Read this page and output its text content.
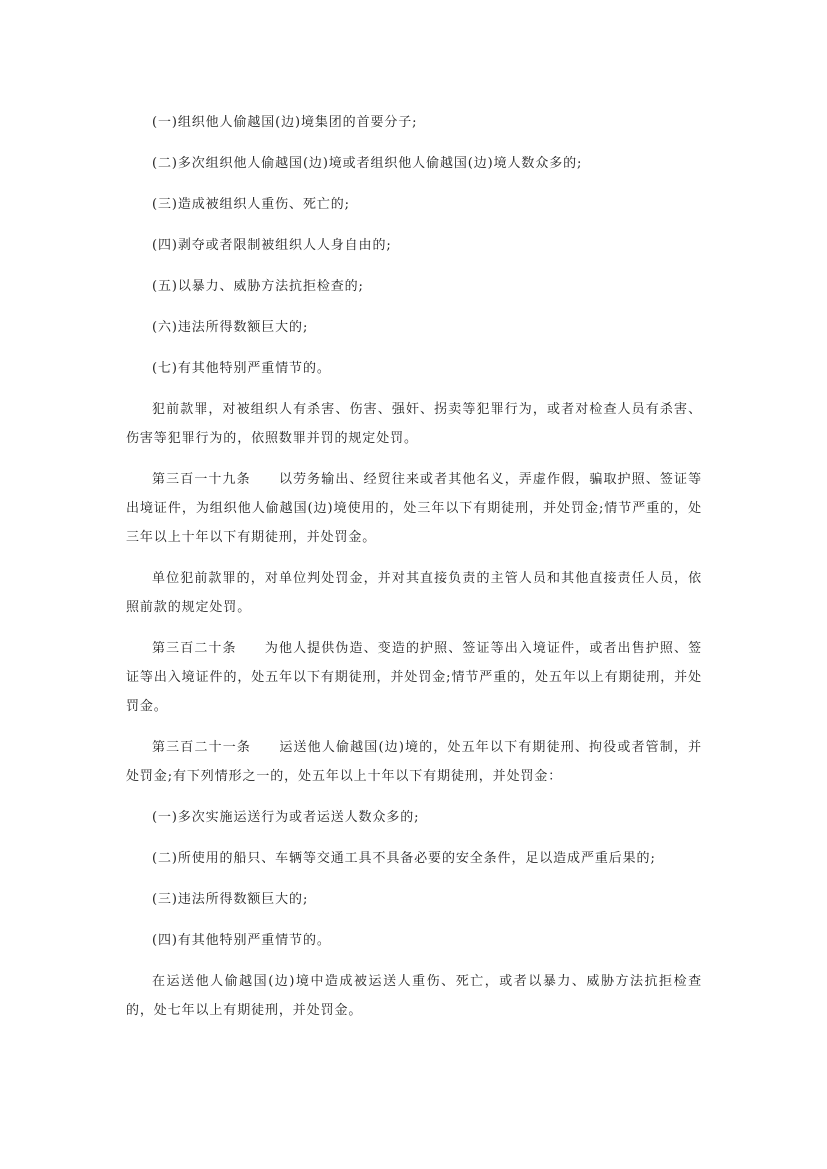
(一)组织他人偷越国(边)境集团的首要分子;

(二)多次组织他人偷越国(边)境或者组织他人偷越国(边)境人数众多的;

(三)造成被组织人重伤、死亡的;

(四)剥夺或者限制被组织人人身自由的;

(五)以暴力、威胁方法抗拒检查的;

(六)违法所得数额巨大的;

(七)有其他特别严重情节的。

犯前款罪，对被组织人有杀害、伤害、强奸、拐卖等犯罪行为，或者对检查人员有杀害、伤害等犯罪行为的，依照数罪并罚的规定处罚。

第三百一十九条　　以劳务输出、经贸往来或者其他名义，弄虚作假，骗取护照、签证等出境证件，为组织他人偷越国(边)境使用的，处三年以下有期徒刑，并处罚金;情节严重的，处三年以上十年以下有期徒刑，并处罚金。

单位犯前款罪的，对单位判处罚金，并对其直接负责的主管人员和其他直接责任人员，依照前款的规定处罚。

第三百二十条　　为他人提供伪造、变造的护照、签证等出入境证件，或者出售护照、签证等出入境证件的，处五年以下有期徒刑，并处罚金;情节严重的，处五年以上有期徒刑，并处罚金。

第三百二十一条　　运送他人偷越国(边)境的，处五年以下有期徒刑、拘役或者管制，并处罚金;有下列情形之一的，处五年以上十年以下有期徒刑，并处罚金：

(一)多次实施运送行为或者运送人数众多的;

(二)所使用的船只、车辆等交通工具不具备必要的安全条件，足以造成严重后果的;

(三)违法所得数额巨大的;

(四)有其他特别严重情节的。

在运送他人偷越国(边)境中造成被运送人重伤、死亡，或者以暴力、威胁方法抗拒检查的，处七年以上有期徒刑，并处罚金。
